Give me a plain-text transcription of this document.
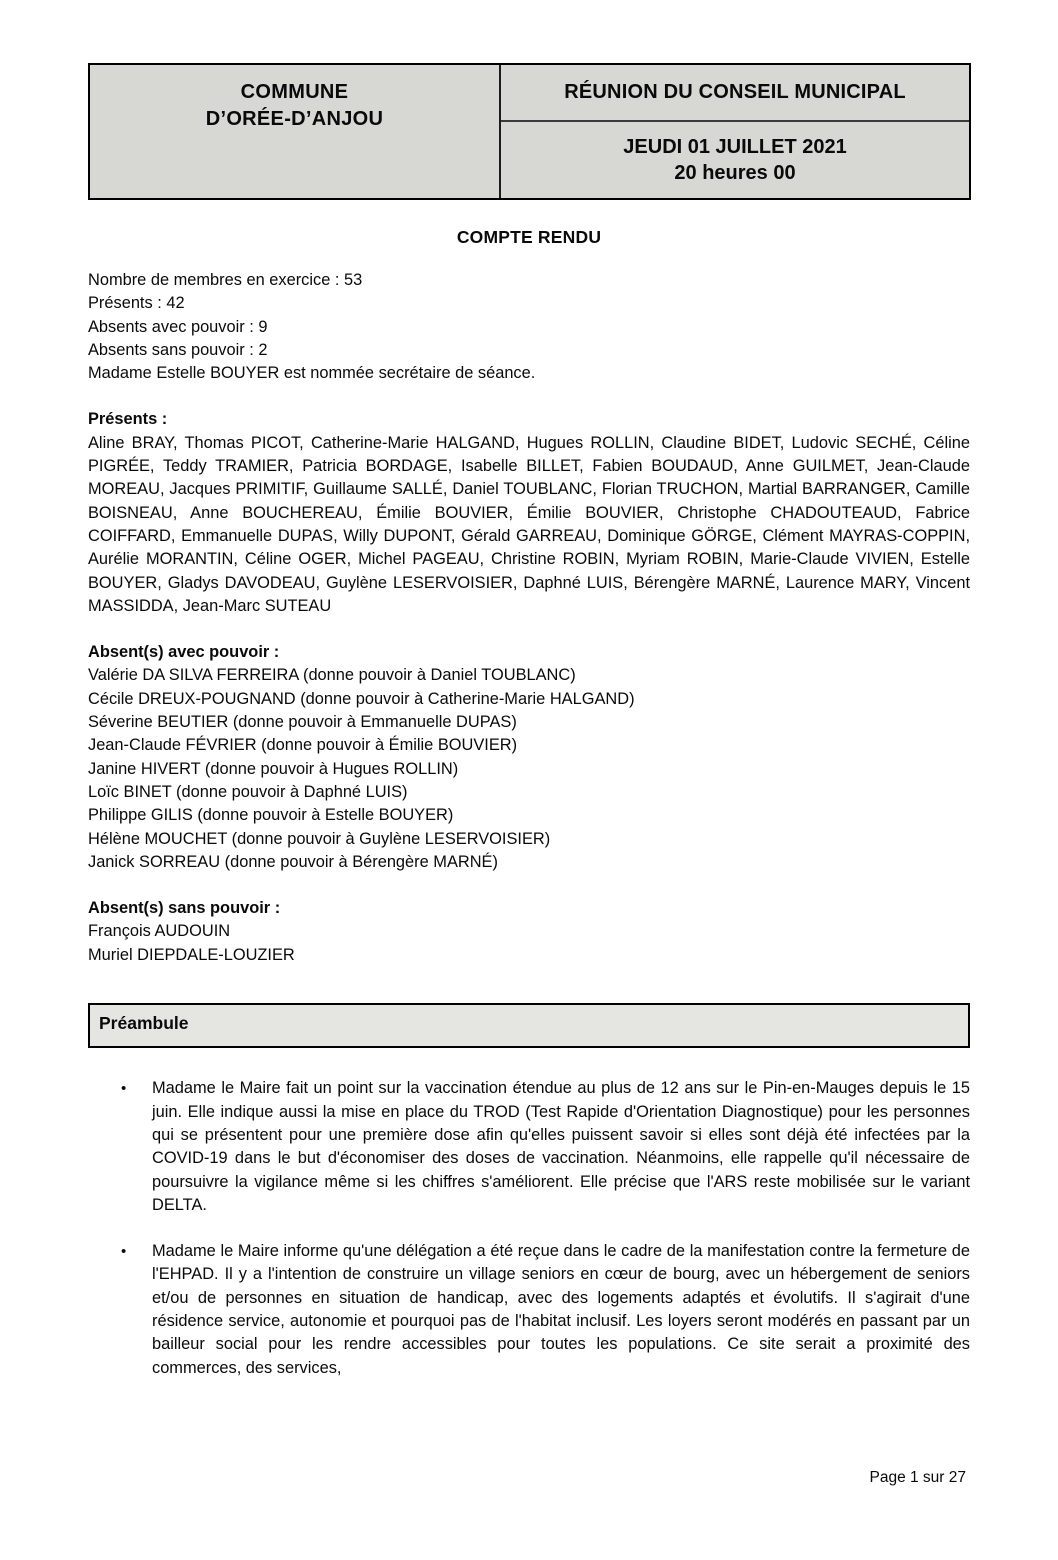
COMMUNE
D’ORÉE-D’ANJOU
RÉUNION DU CONSEIL MUNICIPAL
JEUDI 01 JUILLET 2021
20 heures 00
COMPTE RENDU
Nombre de membres en exercice : 53
Présents : 42
Absents avec pouvoir : 9
Absents sans pouvoir : 2
Madame Estelle BOUYER est nommée secrétaire de séance.
Présents :
Aline BRAY, Thomas PICOT, Catherine-Marie HALGAND, Hugues ROLLIN, Claudine BIDET, Ludovic SECHÉ, Céline PIGRÉE, Teddy TRAMIER, Patricia BORDAGE, Isabelle BILLET, Fabien BOUDAUD, Anne GUILMET, Jean-Claude MOREAU, Jacques PRIMITIF, Guillaume SALLÉ, Daniel TOUBLANC, Florian TRUCHON, Martial BARRANGER, Camille BOISNEAU, Anne BOUCHEREAU, Émilie BOUVIER, Émilie BOUVIER, Christophe CHADOUTEAUD, Fabrice COIFFARD, Emmanuelle DUPAS, Willy DUPONT, Gérald GARREAU, Dominique GÖRGE, Clément MAYRAS-COPPIN, Aurélie MORANTIN, Céline OGER, Michel PAGEAU, Christine ROBIN, Myriam ROBIN, Marie-Claude VIVIEN, Estelle BOUYER, Gladys DAVODEAU, Guylène LESERVOISIER, Daphné LUIS, Bérengère MARNÉ, Laurence MARY, Vincent MASSIDDA, Jean-Marc SUTEAU
Absent(s) avec pouvoir :
Valérie DA SILVA FERREIRA (donne pouvoir à Daniel TOUBLANC)
Cécile DREUX-POUGNAND (donne pouvoir à Catherine-Marie HALGAND)
Séverine BEUTIER (donne pouvoir à Emmanuelle DUPAS)
Jean-Claude FÉVRIER (donne pouvoir à Émilie BOUVIER)
Janine HIVERT (donne pouvoir à Hugues ROLLIN)
Loïc BINET (donne pouvoir à Daphné LUIS)
Philippe GILIS (donne pouvoir à Estelle BOUYER)
Hélène MOUCHET (donne pouvoir à Guylène LESERVOISIER)
Janick SORREAU (donne pouvoir à Bérengère MARNÉ)
Absent(s) sans pouvoir :
François AUDOUIN
Muriel DIEPDALE-LOUZIER
Préambule
•	Madame le Maire fait un point sur la vaccination étendue au plus de 12 ans sur le Pin-en-Mauges depuis le 15 juin. Elle indique aussi la mise en place du TROD (Test Rapide d'Orientation Diagnostique) pour les personnes qui se présentent pour une première dose afin qu'elles puissent savoir si elles sont déjà été infectées par la COVID-19 dans le but d'économiser des doses de vaccination. Néanmoins, elle rappelle qu'il nécessaire de poursuivre la vigilance même si les chiffres s'améliorent. Elle précise que l'ARS reste mobilisée sur le variant DELTA.
•	Madame le Maire informe qu'une délégation a été reçue dans le cadre de la manifestation contre la fermeture de l'EHPAD. Il y a l'intention de construire un village seniors en cœur de bourg, avec un hébergement de seniors et/ou de personnes en situation de handicap, avec des logements adaptés et évolutifs. Il s'agirait d'une résidence service, autonomie et pourquoi pas de l'habitat inclusif. Les loyers seront modérés en passant par un bailleur social pour les rendre accessibles pour toutes les populations. Ce site serait a proximité des commerces, des services,
Page 1 sur 27
